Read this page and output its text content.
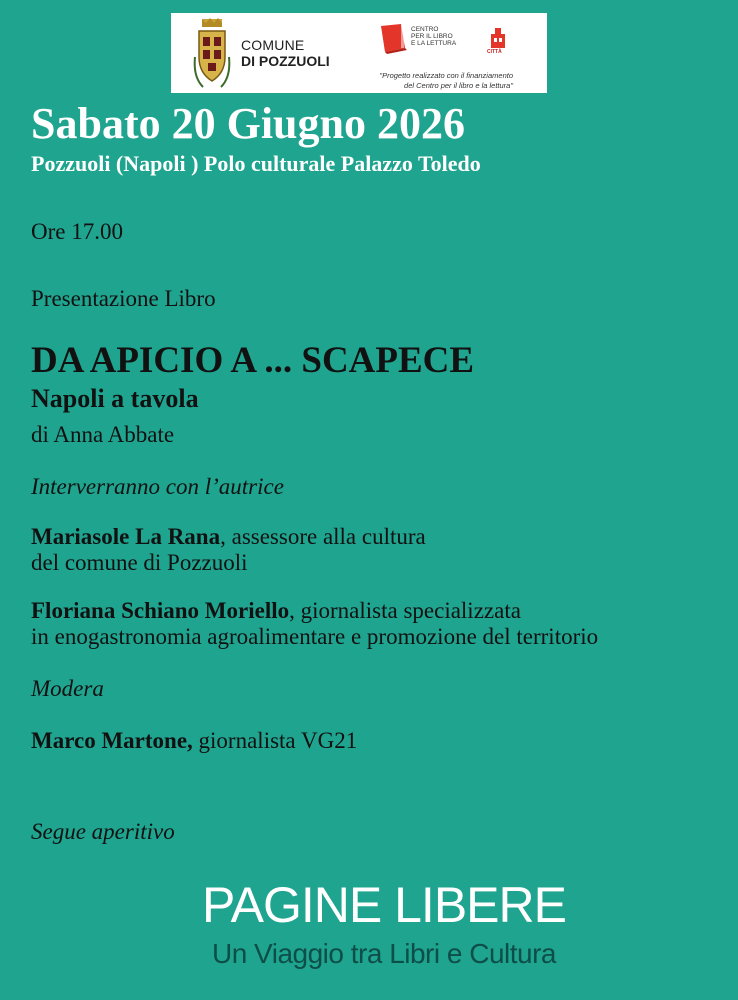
COMUNE
DI POZZUOLI
CENTRO
PER IL LIBRO
E LA LETTURA
CITTÀ
"Progetto realizzato con il finanziamento
del Centro per il libro e la lettura"
Sabato 20 Giugno 2026
Pozzuoli (Napoli ) Polo culturale Palazzo Toledo
Ore 17.00
Presentazione Libro
DA APICIO A ... SCAPECE
Napoli a tavola
di Anna Abbate
Interverranno con l’autrice
Mariasole La Rana, assessore alla cultura
del comune di Pozzuoli
Floriana Schiano Moriello, giornalista specializzata
in enogastronomia agroalimentare e promozione del territorio
Modera
Marco Martone, giornalista VG21
Segue aperitivo
PAGINE LIBERE
Un Viaggio tra Libri e Cultura
